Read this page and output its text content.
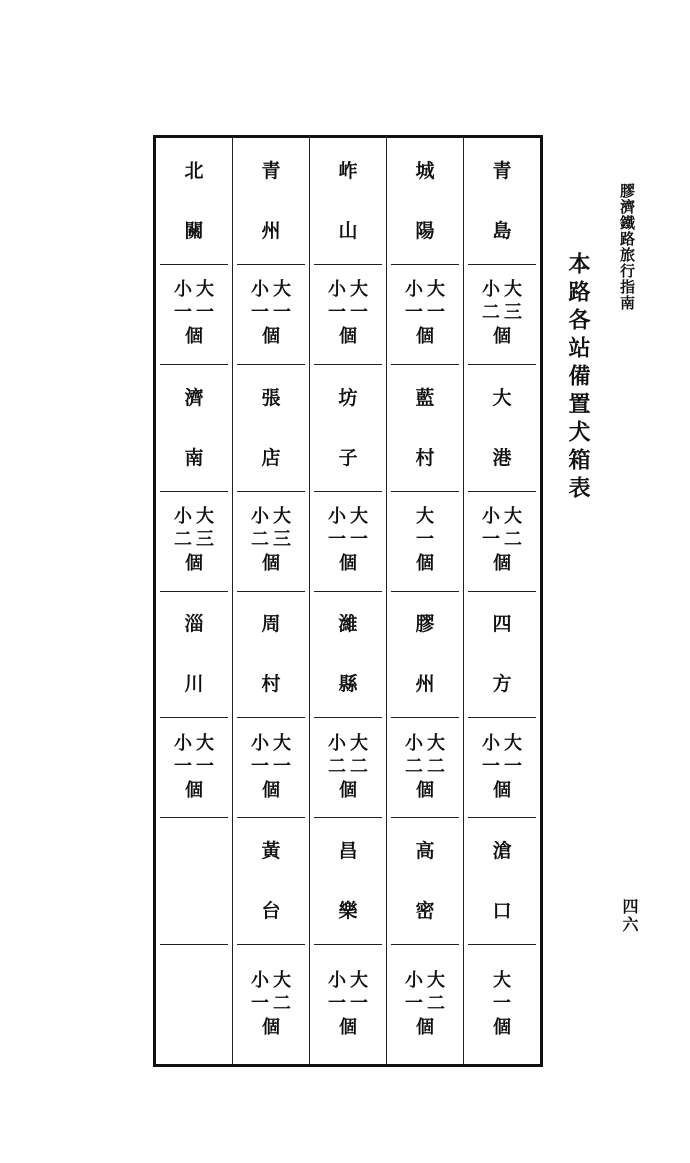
膠濟鐵路旅行指南
本路各站備置犬箱表
四六
青島
小 大
二 三
個
大港
小 大
一 二
個
四方
小 大
一 一
個
滄口
大
一
個
城陽
小 大
一 一
個
藍村
大
一
個
膠州
小 大
二 二
個
高密
小 大
一 二
個
岞山
小 大
一 一
個
坊子
小 大
一 一
個
濰縣
小 大
二 二
個
昌樂
小 大
一 一
個
青州
小 大
一 一
個
張店
小 大
二 三
個
周村
小 大
一 一
個
黃台
小 大
一 二
個
北關
小 大
一 一
個
濟南
小 大
二 三
個
淄川
小 大
一 一
個
